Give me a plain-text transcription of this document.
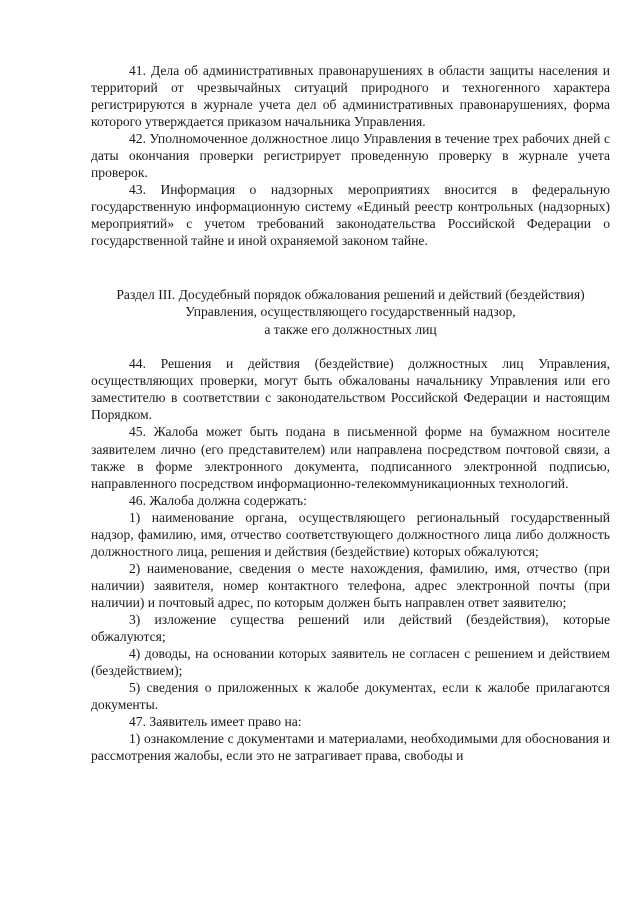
41. Дела об административных правонарушениях в области защиты населения и территорий от чрезвычайных ситуаций природного и техногенного характера регистрируются в журнале учета дел об административных правонарушениях, форма которого утверждается приказом начальника Управления.

42. Уполномоченное должностное лицо Управления в течение трех рабочих дней с даты окончания проверки регистрирует проведенную проверку в журнале учета проверок.

43. Информация о надзорных мероприятиях вносится в федеральную государственную информационную систему «Единый реестр контрольных (надзорных) мероприятий» с учетом требований законодательства Российской Федерации о государственной тайне и иной охраняемой законом тайне.

Раздел III. Досудебный порядок обжалования решений и действий (бездействия)
Управления, осуществляющего государственный надзор,
а также его должностных лиц

44. Решения и действия (бездействие) должностных лиц Управления, осуществляющих проверки, могут быть обжалованы начальнику Управления или его заместителю в соответствии с законодательством Российской Федерации и настоящим Порядком.

45. Жалоба может быть подана в письменной форме на бумажном носителе заявителем лично (его представителем) или направлена посредством почтовой связи, а также в форме электронного документа, подписанного электронной подписью, направленного посредством информационно-телекоммуникационных технологий.

46. Жалоба должна содержать:

1) наименование органа, осуществляющего региональный государственный надзор, фамилию, имя, отчество соответствующего должностного лица либо должность должностного лица, решения и действия (бездействие) которых обжалуются;

2) наименование, сведения о месте нахождения, фамилию, имя, отчество (при наличии) заявителя, номер контактного телефона, адрес электронной почты (при наличии) и почтовый адрес, по которым должен быть направлен ответ заявителю;

3) изложение существа решений или действий (бездействия), которые обжалуются;

4) доводы, на основании которых заявитель не согласен с решением и действием (бездействием);

5) сведения о приложенных к жалобе документах, если к жалобе прилагаются документы.

47. Заявитель имеет право на:

1) ознакомление с документами и материалами, необходимыми для обоснования и рассмотрения жалобы, если это не затрагивает права, свободы и
